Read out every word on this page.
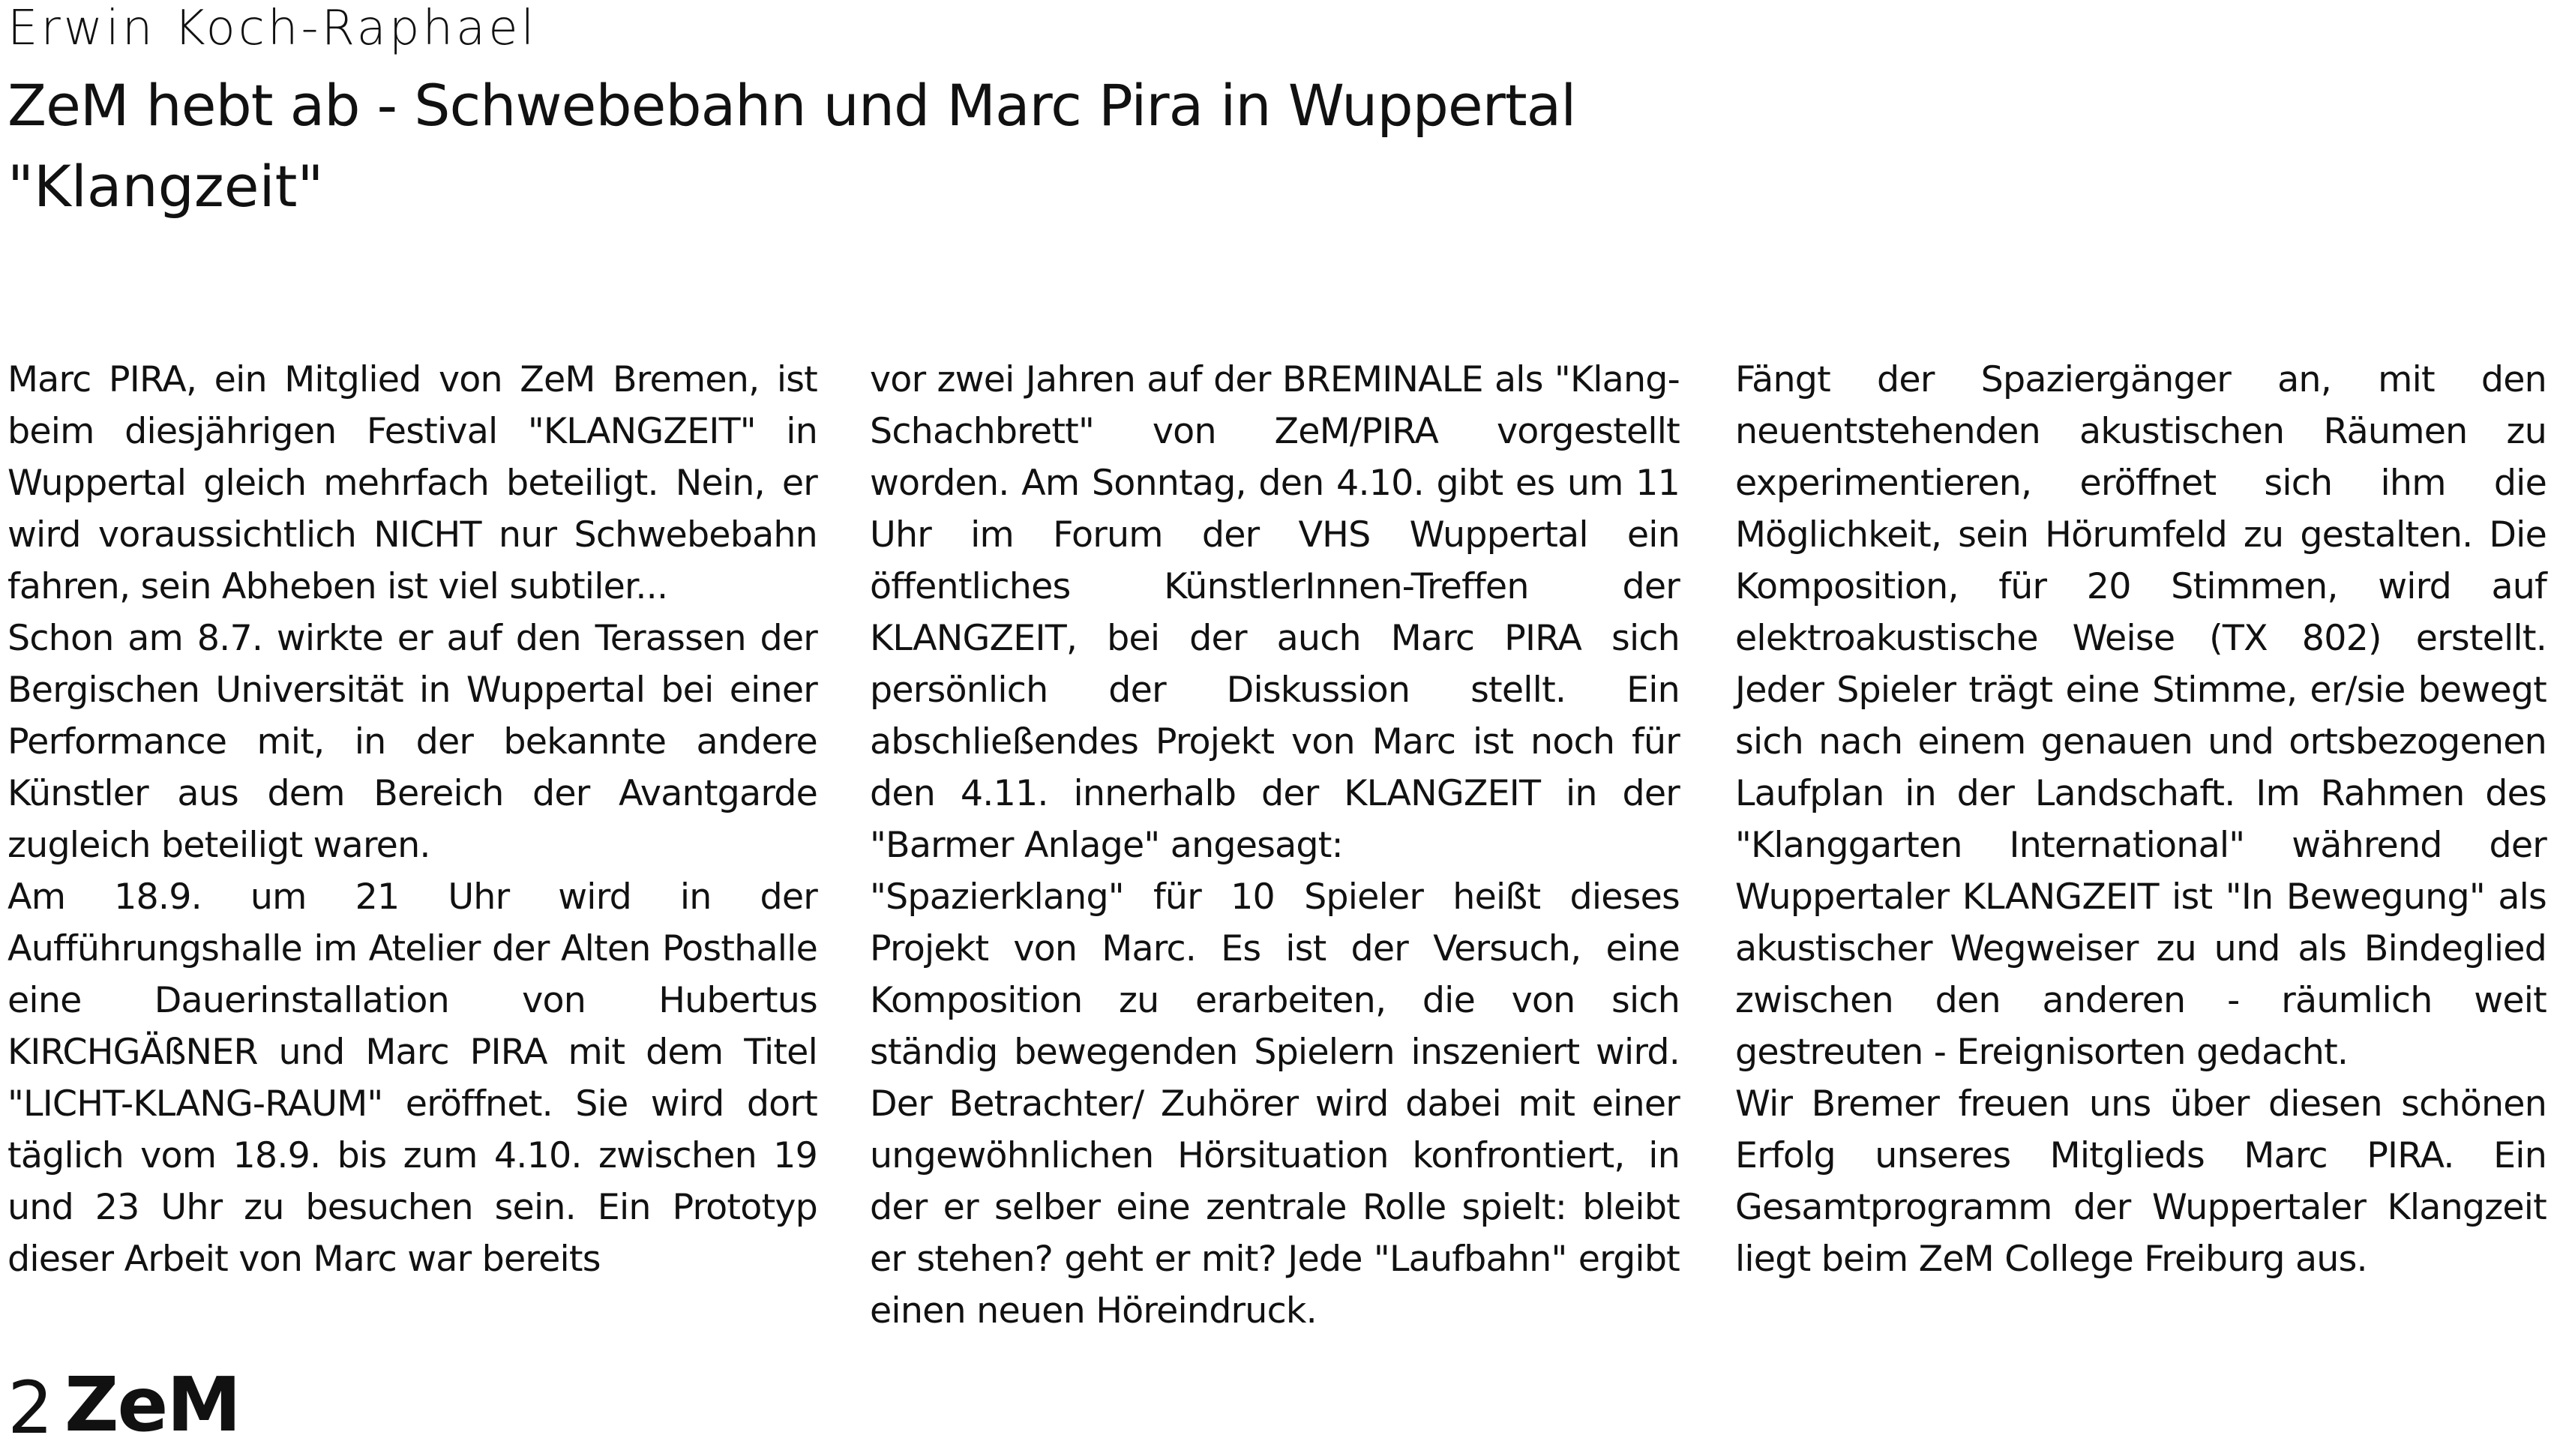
Erwin Koch-Raphael
ZeM hebt ab - Schwebebahn und Marc Pira in Wuppertal
"Klangzeit"

Marc PIRA, ein Mitglied von ZeM Bremen, ist beim diesjährigen Festival "KLANGZEIT" in Wuppertal gleich mehrfach beteiligt. Nein, er wird voraussichtlich NICHT nur Schwebebahn fahren, sein Abheben ist viel subtiler...

Schon am 8.7. wirkte er auf den Terassen der Bergischen Universität in Wuppertal bei einer Performance mit, in der bekannte andere Künstler aus dem Bereich der Avantgarde zugleich beteiligt waren.

Am 18.9. um 21 Uhr wird in der Aufführungshalle im Atelier der Alten Posthalle eine Dauerinstallation von Hubertus KIRCHGÄßNER und Marc PIRA mit dem Titel "LICHT-KLANG-RAUM" eröffnet. Sie wird dort täglich vom 18.9. bis zum 4.10. zwischen 19 und 23 Uhr zu besuchen sein. Ein Prototyp dieser Arbeit von Marc war bereits

vor zwei Jahren auf der BREMINALE als "Klang-Schachbrett" von ZeM/PIRA vorgestellt worden. Am Sonntag, den 4.10. gibt es um 11 Uhr im Forum der VHS Wuppertal ein öffentliches KünstlerInnen-Treffen der KLANGZEIT, bei der auch Marc PIRA sich persönlich der Diskussion stellt. Ein abschließendes Projekt von Marc ist noch für den 4.11. innerhalb der KLANGZEIT in der "Barmer Anlage" angesagt:

"Spazierklang" für 10 Spieler heißt dieses Projekt von Marc. Es ist der Versuch, eine Komposition zu erarbeiten, die von sich ständig bewegenden Spielern inszeniert wird. Der Betrachter/ Zuhörer wird dabei mit einer ungewöhnlichen Hörsituation konfrontiert, in der er selber eine zentrale Rolle spielt: bleibt er stehen? geht er mit? Jede "Laufbahn" ergibt einen neuen Höreindruck.

Fängt der Spaziergänger an, mit den neuentstehenden akustischen Räumen zu experimentieren, eröffnet sich ihm die Möglichkeit, sein Hörumfeld zu gestalten. Die Komposition, für 20 Stimmen, wird auf elektroakustische Weise (TX 802) erstellt. Jeder Spieler trägt eine Stimme, er/sie bewegt sich nach einem genauen und ortsbezogenen Laufplan in der Landschaft. Im Rahmen des "Klanggarten International" während der Wuppertaler KLANGZEIT ist "In Bewegung" als akustischer Wegweiser zu und als Bindeglied zwischen den anderen - räumlich weit gestreuten - Ereignisorten gedacht.

Wir Bremer freuen uns über diesen schönen Erfolg unseres Mitglieds Marc PIRA. Ein Gesamtprogramm der Wuppertaler Klangzeit liegt beim ZeM College Freiburg aus.

2 ZeM
